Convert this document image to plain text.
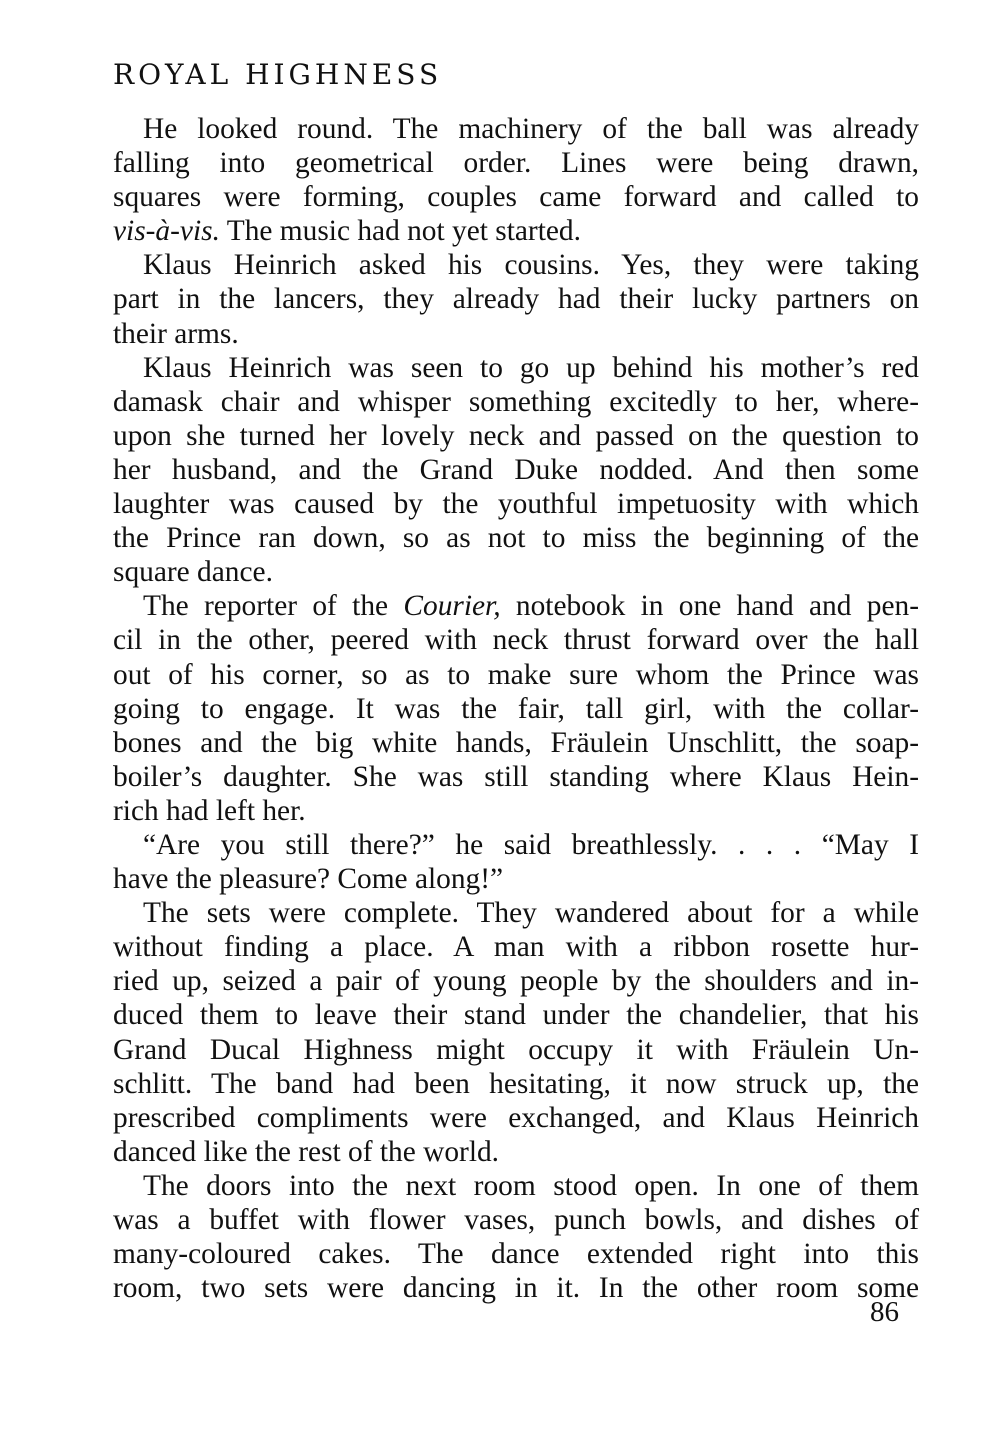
ROYAL HIGHNESS
He looked round. The machinery of the ball was already
falling into geometrical order. Lines were being drawn,
squares were forming, couples came forward and called to
vis-à-vis. The music had not yet started.
Klaus Heinrich asked his cousins. Yes, they were taking
part in the lancers, they already had their lucky partners on
their arms.
Klaus Heinrich was seen to go up behind his mother’s red
damask chair and whisper something excitedly to her, where-
upon she turned her lovely neck and passed on the question to
her husband, and the Grand Duke nodded. And then some
laughter was caused by the youthful impetuosity with which
the Prince ran down, so as not to miss the beginning of the
square dance.
The reporter of the Courier, notebook in one hand and pen-
cil in the other, peered with neck thrust forward over the hall
out of his corner, so as to make sure whom the Prince was
going to engage. It was the fair, tall girl, with the collar-
bones and the big white hands, Fräulein Unschlitt, the soap-
boiler’s daughter. She was still standing where Klaus Hein-
rich had left her.
“Are you still there?” he said breathlessly. . . . “May I
have the pleasure? Come along!”
The sets were complete. They wandered about for a while
without finding a place. A man with a ribbon rosette hur-
ried up, seized a pair of young people by the shoulders and in-
duced them to leave their stand under the chandelier, that his
Grand Ducal Highness might occupy it with Fräulein Un-
schlitt. The band had been hesitating, it now struck up, the
prescribed compliments were exchanged, and Klaus Heinrich
danced like the rest of the world.
The doors into the next room stood open. In one of them
was a buffet with flower vases, punch bowls, and dishes of
many-coloured cakes. The dance extended right into this
room, two sets were dancing in it. In the other room some
86
